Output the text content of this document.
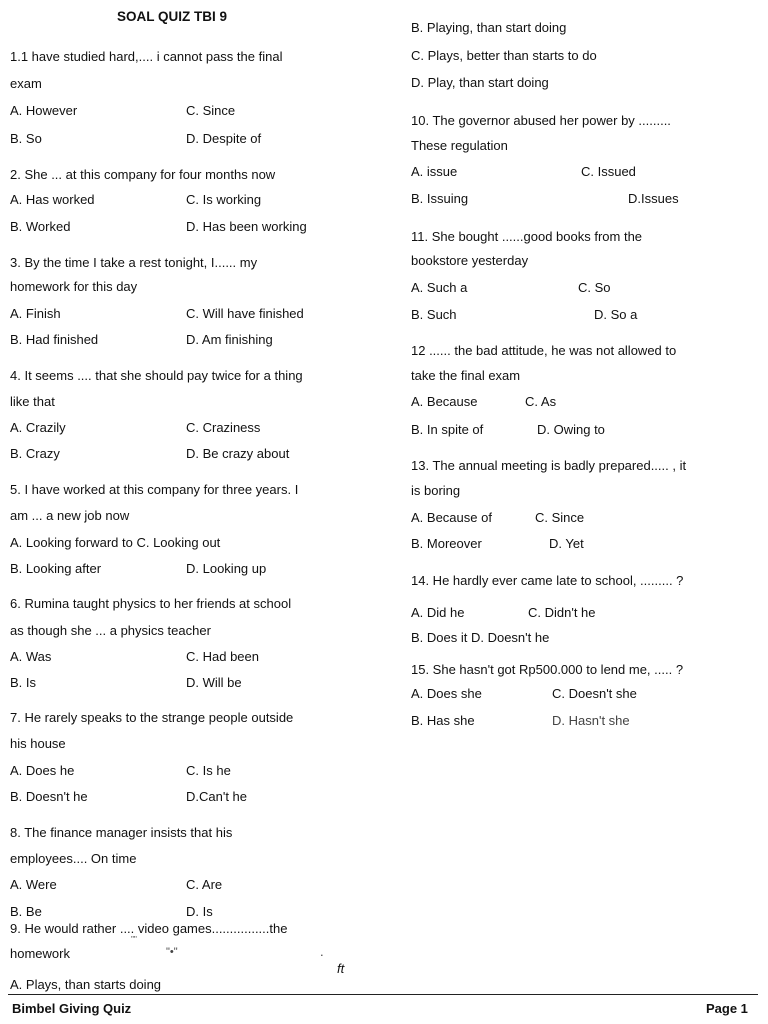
SOAL QUIZ TBI 9
1.1 have studied hard,.... i cannot pass the final
exam
A. However	C. Since
B. So	D. Despite of
2. She ... at this company for four months now
A. Has worked	C. Is working
B. Worked	D. Has been working
3. By the time I take a rest tonight, I...... my
homework for this day
A. Finish	C. Will have finished
B. Had finished	D. Am finishing
4. It seems .... that she should pay twice for a thing
like that
A. Crazily	C. Craziness
B. Crazy	D. Be crazy about
5. I have worked at this company for three years. I
am ... a new job now
A. Looking forward to C. Looking out
B. Looking after	D. Looking up
6. Rumina taught physics to her friends at school
as though she ... a physics teacher
A. Was	C. Had been
B. Is	D. Will be
7. He rarely speaks to the strange people outside
his house
A. Does he	C. Is he
B. Doesn't he	D.Can't he
8. The finance manager insists that his
employees.... On time
A. Were	C. Are
B. Be	D. Is
9. He would rather .... video games................the
'"'
homework	"•"	.
ft
A. Plays, than starts doing
B. Playing, than start doing
C. Plays, better than starts to do
D. Play, than start doing
10. The governor abused her power by .........
These regulation
A. issue	C. Issued
B. Issuing	D.Issues
11. She bought ......good books from the
bookstore yesterday
A. Such a	C. So
B. Such	D. So a
12 ...... the bad attitude, he was not allowed to
take the final exam
A. Because	C. As
B. In spite of	D. Owing to
13. The annual meeting is badly prepared..... , it
is boring
A. Because of	C. Since
B. Moreover	D. Yet
14. He hardly ever came late to school, ......... ?
A. Did he	C. Didn't he
B. Does it D. Doesn't he
15. She hasn't got Rp500.000 to lend me, ..... ?
A. Does she	C. Doesn't she
B. Has she	D. Hasn't she
Bimbel Giving Quiz	Page 1
